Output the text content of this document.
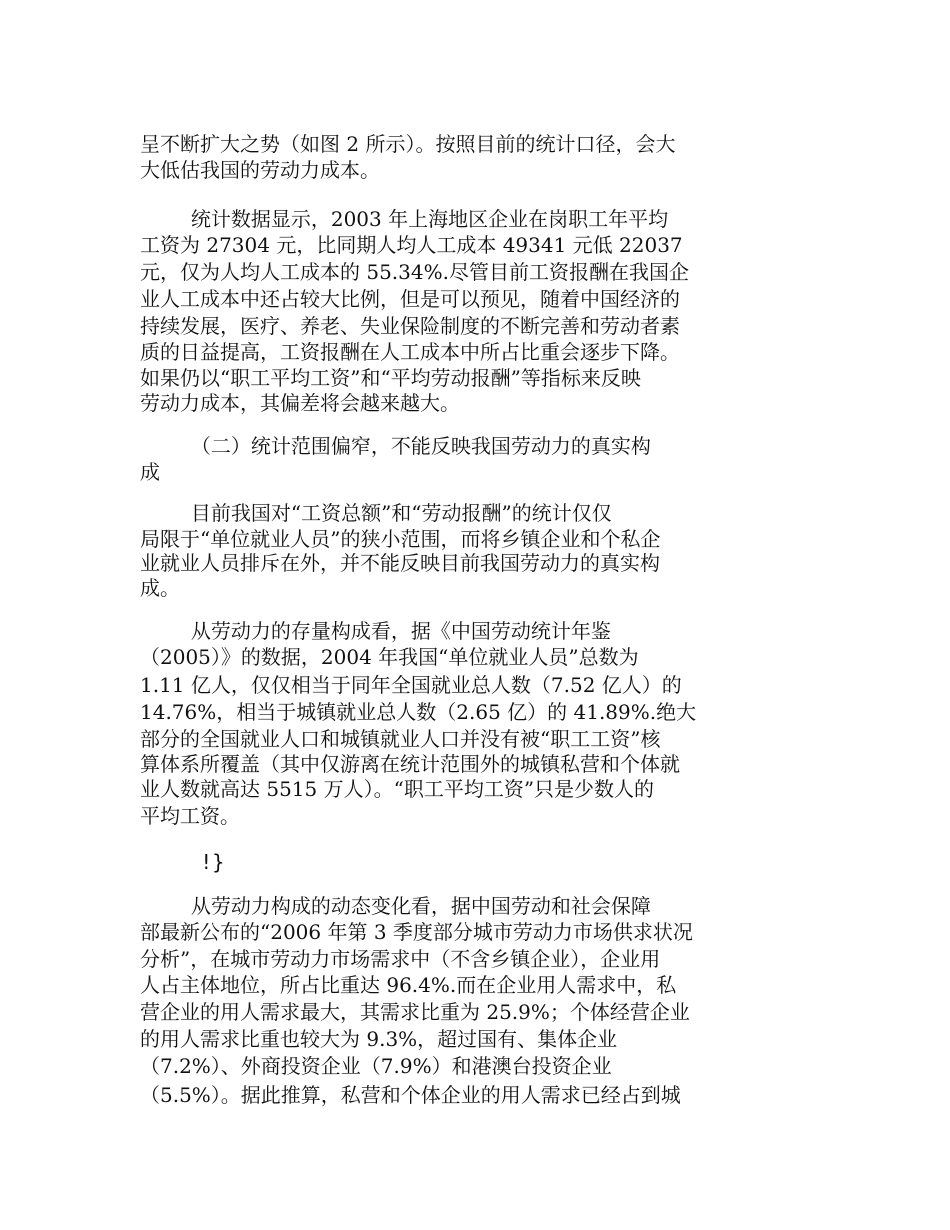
呈不断扩大之势（如图 2 所示）。按照目前的统计口径，会大
大低估我国的劳动力成本。
统计数据显示，2003 年上海地区企业在岗职工年平均
工资为 27304 元，比同期人均人工成本 49341 元低 22037
元，仅为人均人工成本的 55.34%.尽管目前工资报酬在我国企
业人工成本中还占较大比例，但是可以预见，随着中国经济的
持续发展，医疗、养老、失业保险制度的不断完善和劳动者素
质的日益提高，工资报酬在人工成本中所占比重会逐步下降。
如果仍以“职工平均工资”和“平均劳动报酬”等指标来反映
劳动力成本，其偏差将会越来越大。
（二）统计范围偏窄，不能反映我国劳动力的真实构
成
目前我国对“工资总额”和“劳动报酬”的统计仅仅
局限于“单位就业人员”的狭小范围，而将乡镇企业和个私企
业就业人员排斥在外，并不能反映目前我国劳动力的真实构
成。
从劳动力的存量构成看，据《中国劳动统计年鉴
（2005）》的数据，2004 年我国“单位就业人员”总数为
1.11 亿人，仅仅相当于同年全国就业总人数（7.52 亿人）的
14.76%，相当于城镇就业总人数（2.65 亿）的 41.89%.绝大
部分的全国就业人口和城镇就业人口并没有被“职工工资”核
算体系所覆盖（其中仅游离在统计范围外的城镇私营和个体就
业人数就高达 5515 万人）。“职工平均工资”只是少数人的
平均工资。
!}
从劳动力构成的动态变化看，据中国劳动和社会保障
部最新公布的“2006 年第 3 季度部分城市劳动力市场供求状况
分析”，在城市劳动力市场需求中（不含乡镇企业），企业用
人占主体地位，所占比重达 96.4%.而在企业用人需求中，私
营企业的用人需求最大，其需求比重为 25.9%；个体经营企业
的用人需求比重也较大为 9.3%，超过国有、集体企业
（7.2%）、外商投资企业（7.9%）和港澳台投资企业
（5.5%）。据此推算，私营和个体企业的用人需求已经占到城
